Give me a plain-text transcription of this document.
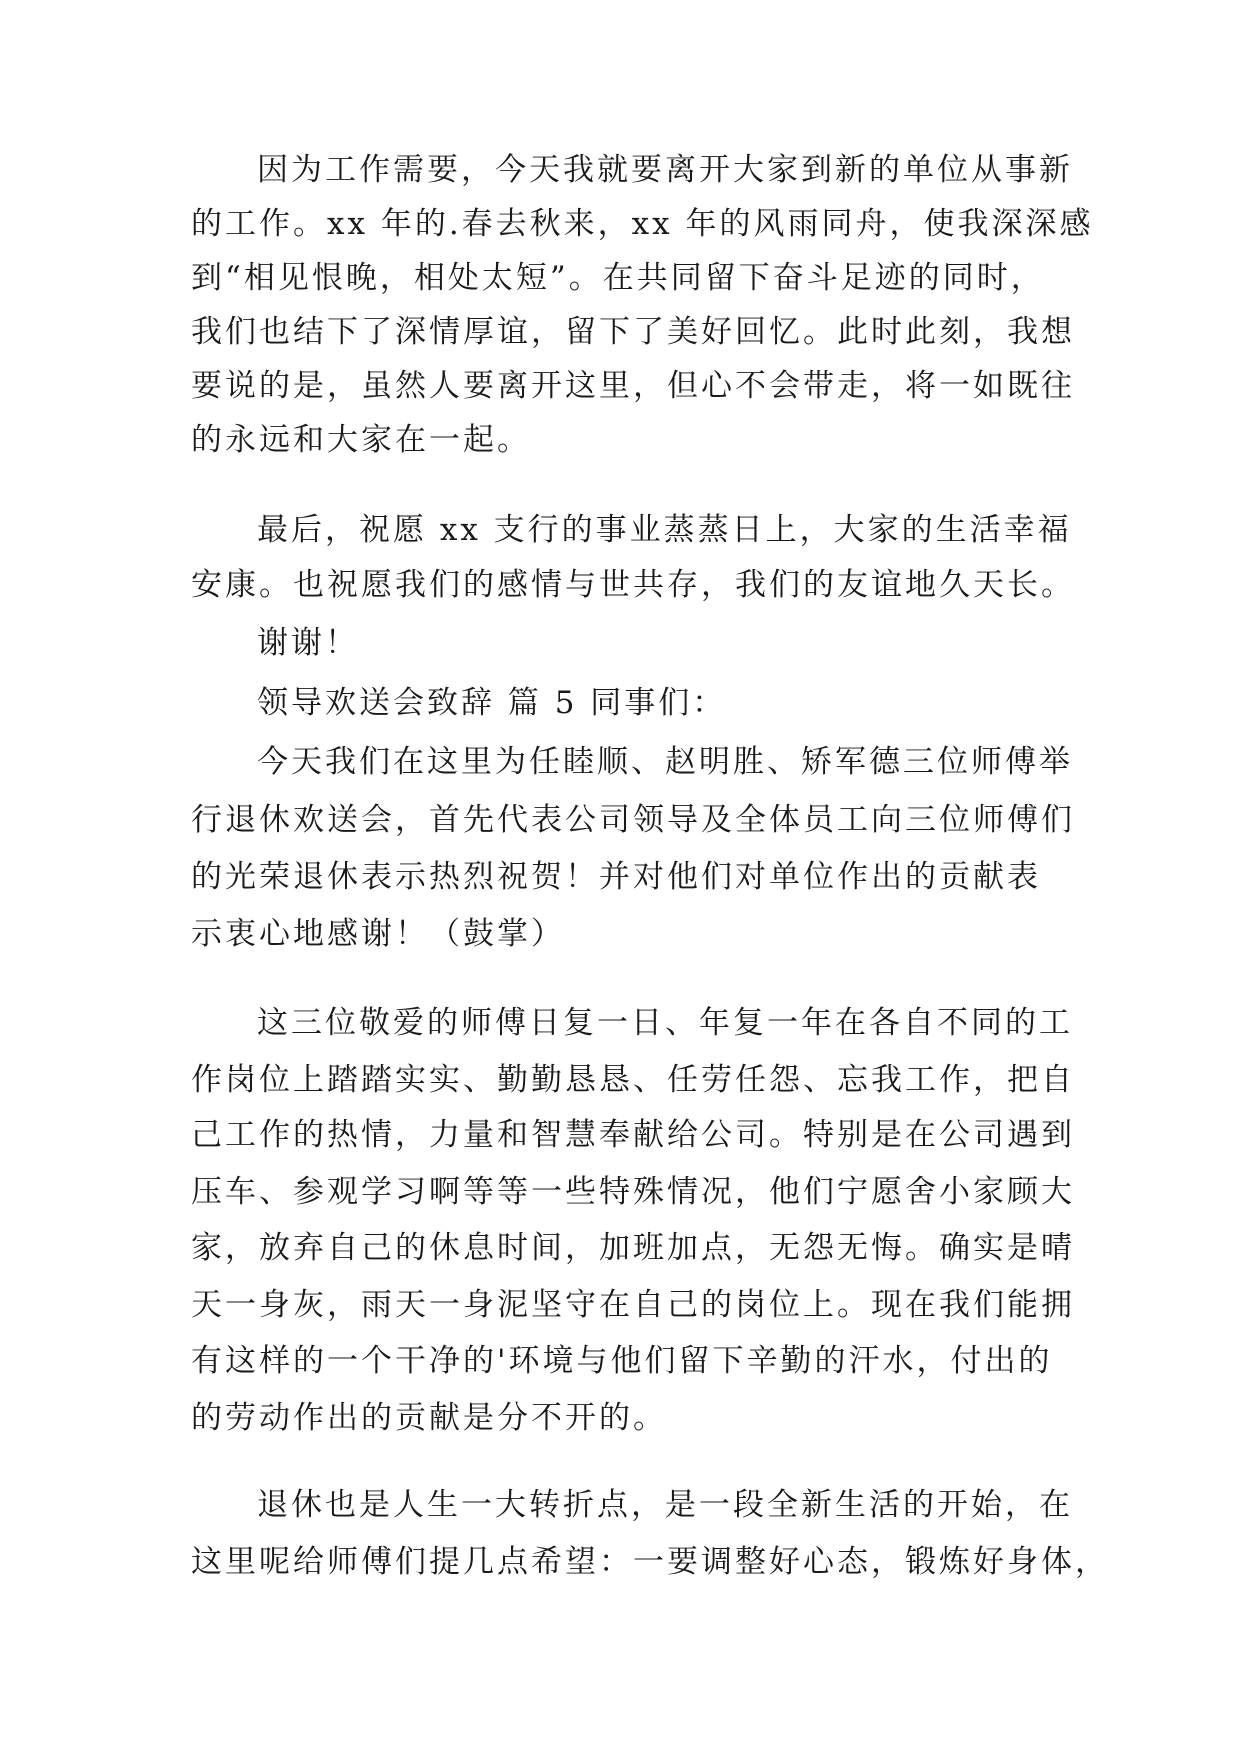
因为工作需要，今天我就要离开大家到新的单位从事新

的工作。xx 年的.春去秋来，xx 年的风雨同舟，使我深深感

到“相见恨晚，相处太短”。在共同留下奋斗足迹的同时，

我们也结下了深情厚谊，留下了美好回忆。此时此刻，我想

要说的是，虽然人要离开这里，但心不会带走，将一如既往

的永远和大家在一起。

最后，祝愿 xx 支行的事业蒸蒸日上，大家的生活幸福

安康。也祝愿我们的感情与世共存，我们的友谊地久天长。

谢谢！

领导欢送会致辞 篇 5 同事们：

今天我们在这里为任睦顺、赵明胜、矫军德三位师傅举

行退休欢送会，首先代表公司领导及全体员工向三位师傅们

的光荣退休表示热烈祝贺！并对他们对单位作出的贡献表

示衷心地感谢！（鼓掌）

这三位敬爱的师傅日复一日、年复一年在各自不同的工

作岗位上踏踏实实、勤勤恳恳、任劳任怨、忘我工作，把自

己工作的热情，力量和智慧奉献给公司。特别是在公司遇到

压车、参观学习啊等等一些特殊情况，他们宁愿舍小家顾大

家，放弃自己的休息时间，加班加点，无怨无悔。确实是晴

天一身灰，雨天一身泥坚守在自己的岗位上。现在我们能拥

有这样的一个干净的'环境与他们留下辛勤的汗水，付出的

的劳动作出的贡献是分不开的。

退休也是人生一大转折点，是一段全新生活的开始，在

这里呢给师傅们提几点希望：一要调整好心态，锻炼好身体，
